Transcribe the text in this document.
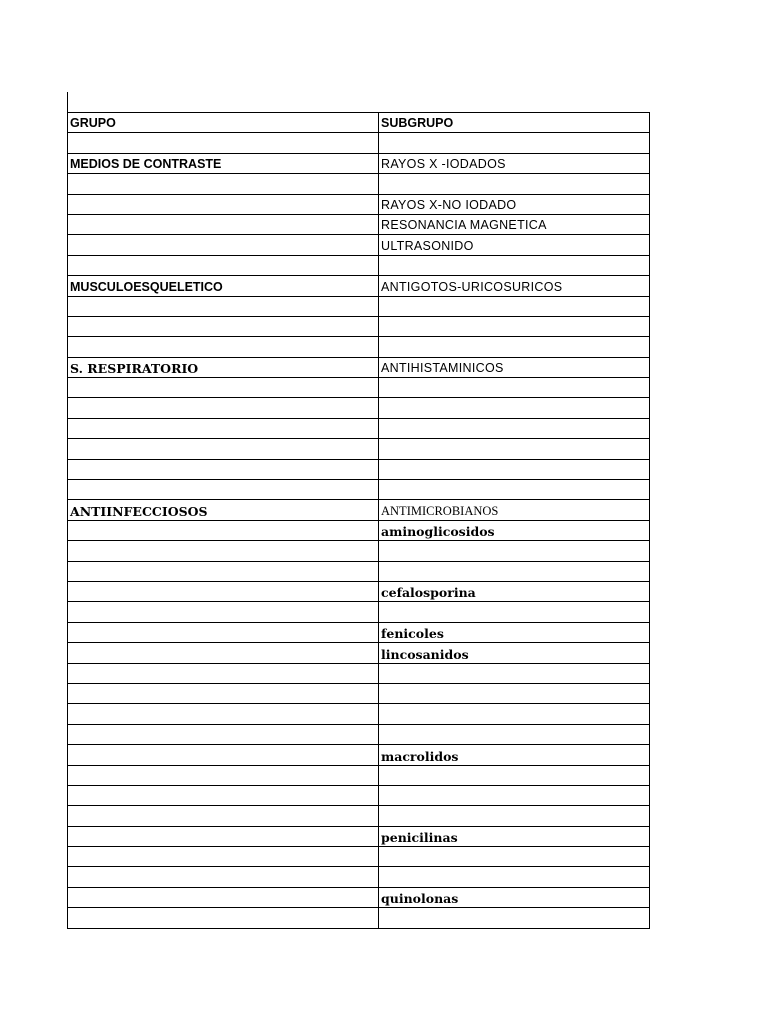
GRUPO	SUBGRUPO

MEDIOS DE CONTRASTE	RAYOS X -IODADOS

	RAYOS X-NO IODADO
	RESONANCIA MAGNETICA
	ULTRASONIDO

MUSCULOESQUELETICO	ANTIGOTOS-URICOSURICOS

S. RESPIRATORIO	ANTIHISTAMINICOS

ANTIINFECCIOSOS	ANTIMICROBIANOS
	aminoglicosidos

	cefalosporina

	fenicoles
	lincosanidos

	macrolidos

	penicilinas

	quinolonas
